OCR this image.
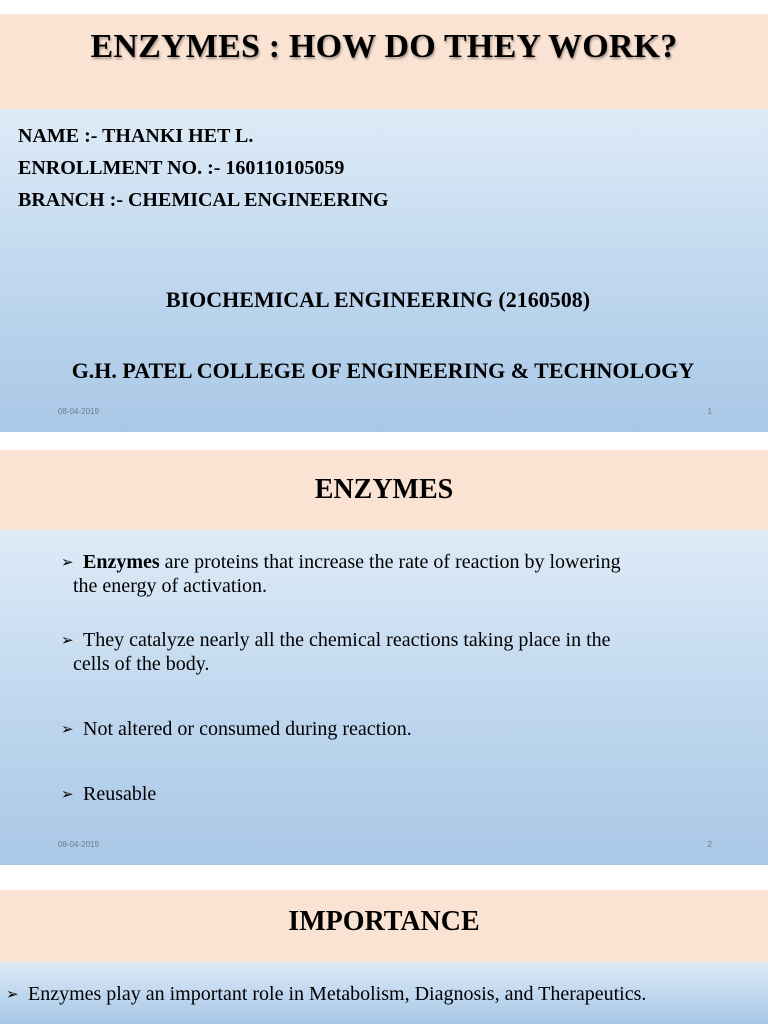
ENZYMES : HOW DO THEY WORK?
NAME :- THANKI HET L.
ENROLLMENT NO. :- 160110105059
BRANCH :- CHEMICAL ENGINEERING
BIOCHEMICAL ENGINEERING (2160508)
G.H. PATEL COLLEGE OF ENGINEERING & TECHNOLOGY
08-04-2019	1
ENZYMES
➢ Enzymes are proteins that increase the rate of reaction by lowering
the energy of activation.
➢ They catalyze nearly all the chemical reactions taking place in the
cells of the body.
➢ Not altered or consumed during reaction.
➢ Reusable
08-04-2019	2
IMPORTANCE
➢ Enzymes play an important role in Metabolism, Diagnosis, and Therapeutics.
